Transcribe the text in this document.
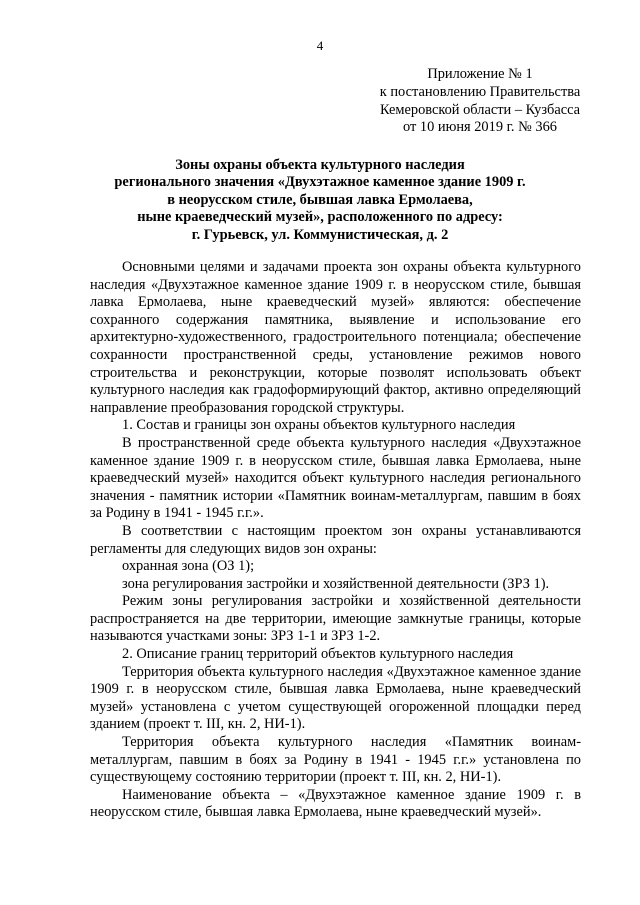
4
Приложение № 1
к постановлению Правительства
Кемеровской области – Кузбасса
от 10 июня 2019 г. № 366
Зоны охраны объекта культурного наследия
регионального значения «Двухэтажное каменное здание 1909 г.
в неорусском стиле, бывшая лавка Ермолаева,
ныне краеведческий музей», расположенного по адресу:
г. Гурьевск, ул. Коммунистическая, д. 2

Основными целями и задачами проекта зон охраны объекта культурного наследия «Двухэтажное каменное здание 1909 г. в неорусском стиле, бывшая лавка Ермолаева, ныне краеведческий музей» являются: обеспечение сохранного содержания памятника, выявление и использование его архитектурно-художественного, градостроительного потенциала; обеспечение сохранности пространственной среды, установление режимов нового строительства и реконструкции, которые позволят использовать объект культурного наследия как градоформирующий фактор, активно определяющий направление преобразования городской структуры.

1. Состав и границы зон охраны объектов культурного наследия

В пространственной среде объекта культурного наследия «Двухэтажное каменное здание 1909 г. в неорусском стиле, бывшая лавка Ермолаева, ныне краеведческий музей» находится объект культурного наследия регионального значения - памятник истории «Памятник воинам-металлургам, павшим в боях за Родину в 1941 - 1945 г.г.».

В соответствии с настоящим проектом зон охраны устанавливаются регламенты для следующих видов зон охраны:

охранная зона (ОЗ 1);

зона регулирования застройки и хозяйственной деятельности (ЗРЗ 1).

Режим зоны регулирования застройки и хозяйственной деятельности распространяется на две территории, имеющие замкнутые границы, которые называются участками зоны: ЗРЗ 1-1 и ЗРЗ 1-2.

2. Описание границ территорий объектов культурного наследия

Территория объекта культурного наследия «Двухэтажное каменное здание 1909 г. в неорусском стиле, бывшая лавка Ермолаева, ныне краеведческий музей» установлена с учетом существующей огороженной площадки перед зданием (проект т. III, кн. 2, НИ-1).

Территория объекта культурного наследия «Памятник воинам-металлургам, павшим в боях за Родину в 1941 - 1945 г.г.» установлена по существующему состоянию территории (проект т. III, кн. 2, НИ-1).

Наименование объекта – «Двухэтажное каменное здание 1909 г. в неорусском стиле, бывшая лавка Ермолаева, ныне краеведческий музей».
